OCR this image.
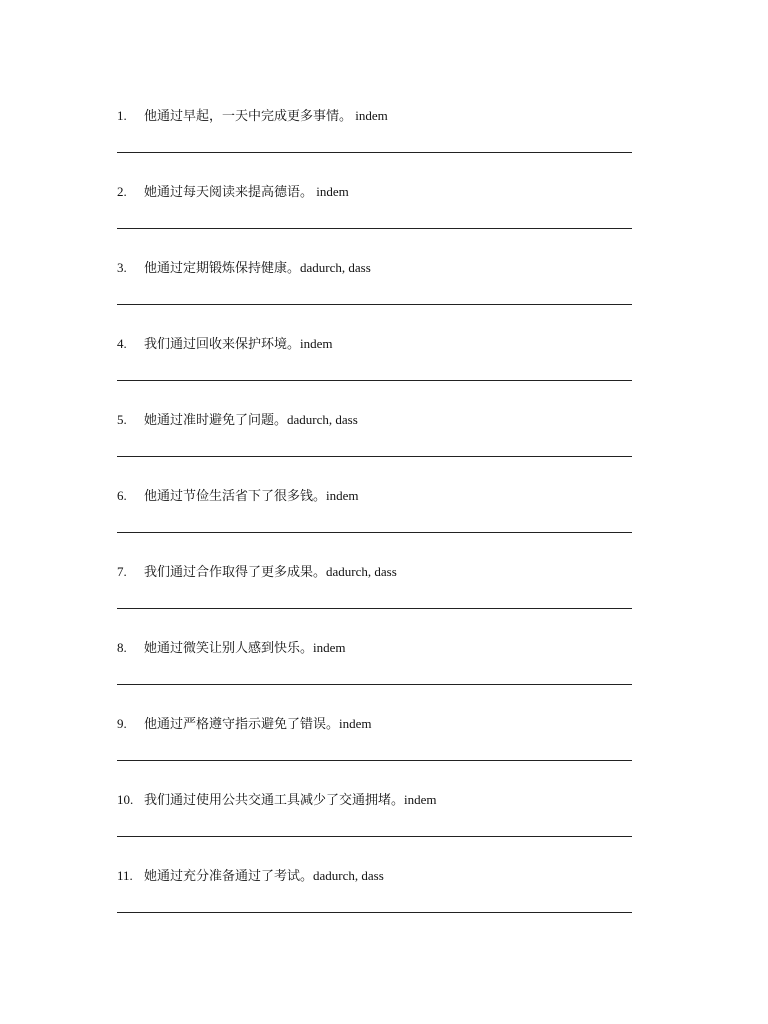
1. 他通过早起，一天中完成更多事情。 indem
2. 她通过每天阅读来提高德语。 indem
3. 他通过定期锻炼保持健康。dadurch, dass
4. 我们通过回收来保护环境。indem
5. 她通过准时避免了问题。dadurch, dass
6. 他通过节俭生活省下了很多钱。indem
7. 我们通过合作取得了更多成果。dadurch, dass
8. 她通过微笑让别人感到快乐。indem
9. 他通过严格遵守指示避免了错误。indem
10. 我们通过使用公共交通工具减少了交通拥堵。indem
11. 她通过充分准备通过了考试。dadurch, dass
